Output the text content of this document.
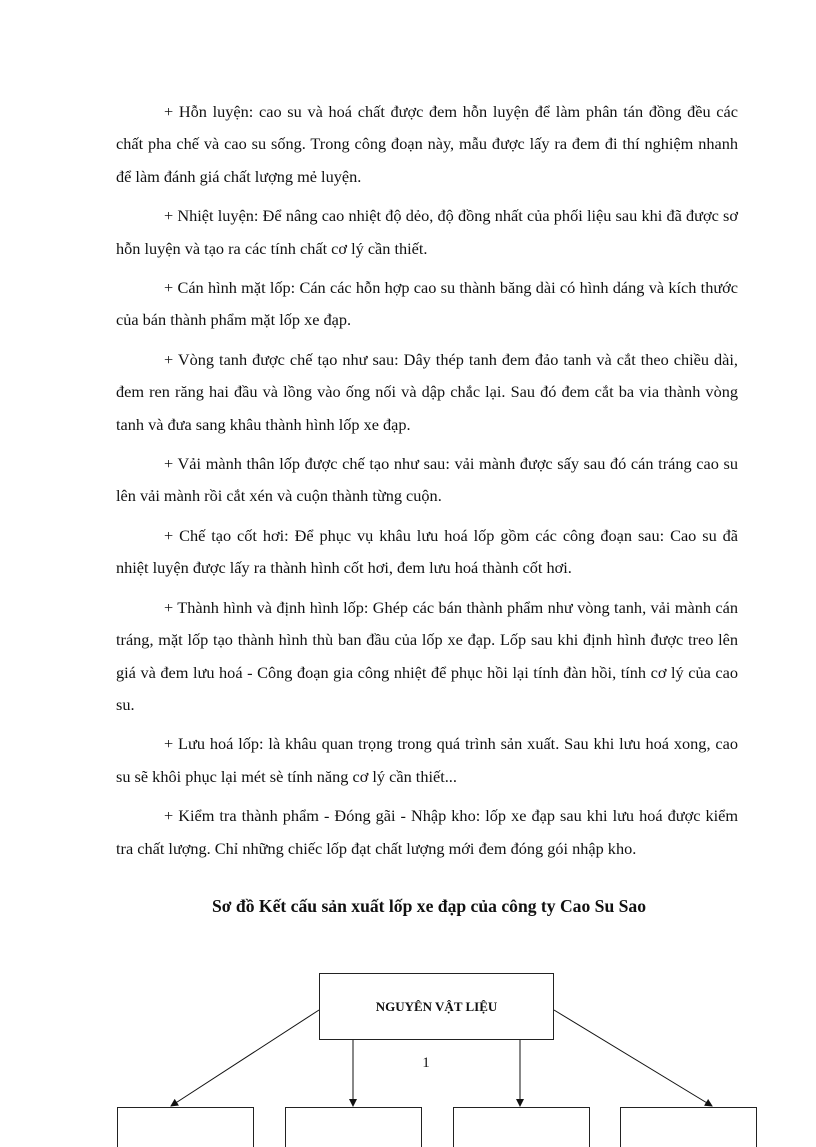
+ Hỗn luyện: cao su và hoá chất được đem hỗn luyện để làm phân tán đồng đều các chất pha chế và cao su sống. Trong công đoạn này, mẫu được lấy ra đem đi thí nghiệm nhanh để làm đánh giá chất lượng mẻ luyện.

+ Nhiệt luyện: Để nâng cao nhiệt độ dẻo, độ đồng nhất của phối liệu sau khi đã được sơ hỗn luyện và tạo ra các tính chất cơ lý cần thiết.

+ Cán hình mặt lốp: Cán các hỗn hợp cao su thành băng dài có hình dáng và kích thước của bán thành phẩm mặt lốp xe đạp.

+ Vòng tanh được chế tạo như sau: Dây thép tanh đem đảo tanh và cắt theo chiều dài, đem ren răng hai đầu và lồng vào ống nối và dập chắc lại. Sau đó đem cắt ba via thành vòng tanh và đưa sang khâu thành hình lốp xe đạp.

+ Vải mành thân lốp được chế tạo như sau: vải mành được sấy sau đó cán tráng cao su lên vải mành rồi cắt xén và cuộn thành từng cuộn.

+ Chế tạo cốt hơi: Để phục vụ khâu lưu hoá lốp gồm các công đoạn sau: Cao su đã nhiệt luyện được lấy ra thành hình cốt hơi, đem lưu hoá thành cốt hơi.

+ Thành hình và định hình lốp: Ghép các bán thành phẩm như vòng tanh, vải mành cán tráng, mặt lốp tạo thành hình thù ban đầu của lốp xe đạp. Lốp sau khi định hình được treo lên giá và đem lưu hoá - Công đoạn gia công nhiệt để phục hồi lại tính đàn hồi, tính cơ lý của cao su.

+ Lưu hoá lốp: là khâu quan trọng trong quá trình sản xuất. Sau khi lưu hoá xong, cao su sẽ khôi phục lại mét sè tính năng cơ lý cần thiết...

+ Kiểm tra thành phẩm - Đóng gãi - Nhập kho: lốp xe đạp sau khi lưu hoá được kiểm tra chất lượng. Chỉ những chiếc lốp đạt chất lượng mới đem đóng gói nhập kho.

Sơ đồ Kết cấu sản xuất lốp xe đạp của công ty Cao Su Sao
NGUYÊN VẬT LIỆU
1
